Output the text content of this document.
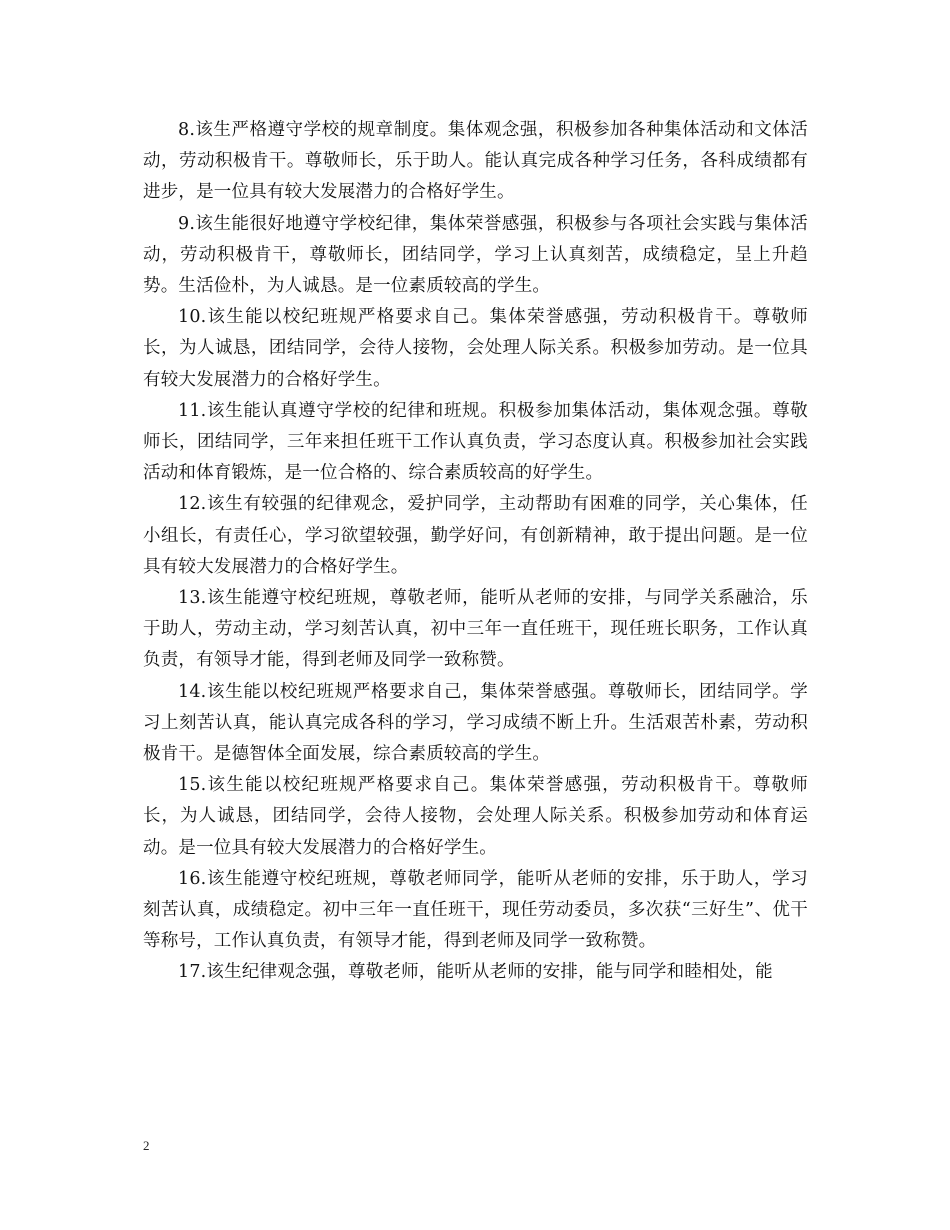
8.该生严格遵守学校的规章制度。集体观念强，积极参加各种集体活动和文体活动，劳动积极肯干。尊敬师长，乐于助人。能认真完成各种学习任务，各科成绩都有进步，是一位具有较大发展潜力的合格好学生。

9.该生能很好地遵守学校纪律，集体荣誉感强，积极参与各项社会实践与集体活动，劳动积极肯干，尊敬师长，团结同学，学习上认真刻苦，成绩稳定，呈上升趋势。生活俭朴，为人诚恳。是一位素质较高的学生。

10.该生能以校纪班规严格要求自己。集体荣誉感强，劳动积极肯干。尊敬师长，为人诚恳，团结同学，会待人接物，会处理人际关系。积极参加劳动。是一位具有较大发展潜力的合格好学生。

11.该生能认真遵守学校的纪律和班规。积极参加集体活动，集体观念强。尊敬师长，团结同学，三年来担任班干工作认真负责，学习态度认真。积极参加社会实践活动和体育锻炼，是一位合格的、综合素质较高的好学生。

12.该生有较强的纪律观念，爱护同学，主动帮助有困难的同学，关心集体，任小组长，有责任心，学习欲望较强，勤学好问，有创新精神，敢于提出问题。是一位具有较大发展潜力的合格好学生。

13.该生能遵守校纪班规，尊敬老师，能听从老师的安排，与同学关系融洽，乐于助人，劳动主动，学习刻苦认真，初中三年一直任班干，现任班长职务，工作认真负责，有领导才能，得到老师及同学一致称赞。

14.该生能以校纪班规严格要求自己，集体荣誉感强。尊敬师长，团结同学。学习上刻苦认真，能认真完成各科的学习，学习成绩不断上升。生活艰苦朴素，劳动积极肯干。是德智体全面发展，综合素质较高的学生。

15.该生能以校纪班规严格要求自己。集体荣誉感强，劳动积极肯干。尊敬师长，为人诚恳，团结同学，会待人接物，会处理人际关系。积极参加劳动和体育运动。是一位具有较大发展潜力的合格好学生。

16.该生能遵守校纪班规，尊敬老师同学，能听从老师的安排，乐于助人，学习刻苦认真，成绩稳定。初中三年一直任班干，现任劳动委员，多次获“三好生”、优干等称号，工作认真负责，有领导才能，得到老师及同学一致称赞。

17.该生纪律观念强，尊敬老师，能听从老师的安排，能与同学和睦相处，能

2
